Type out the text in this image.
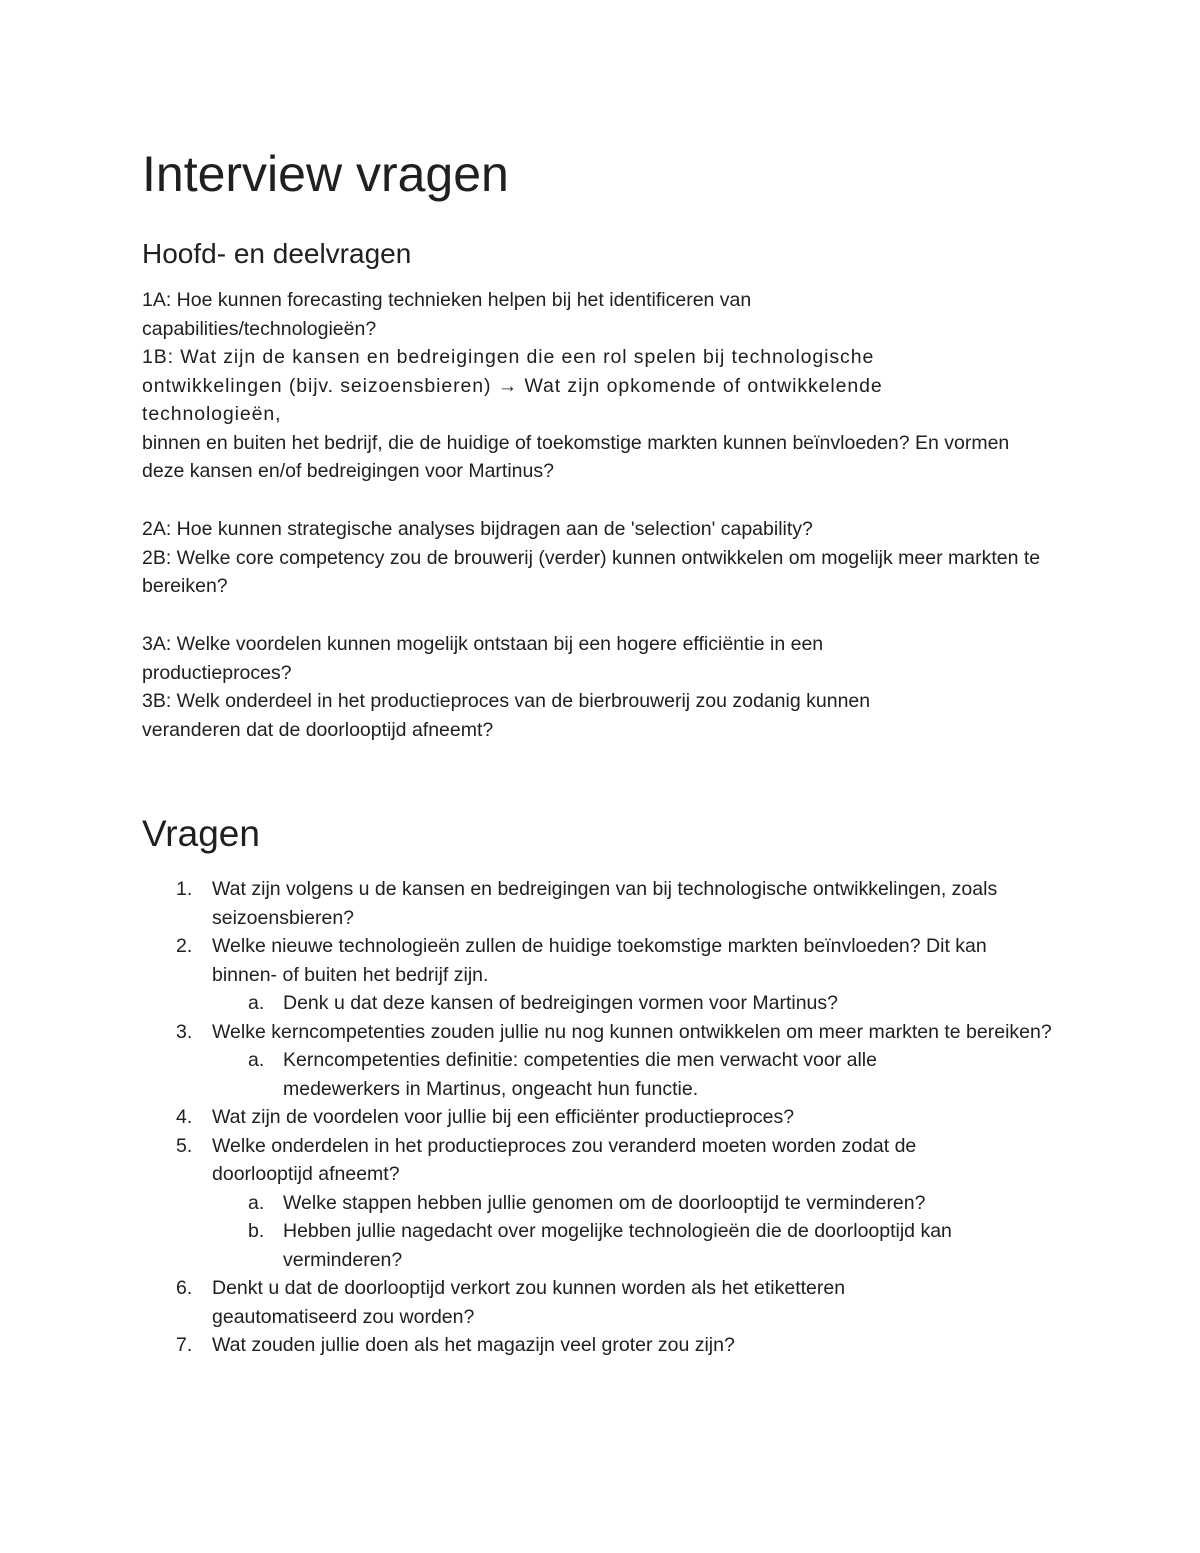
Interview vragen
Hoofd- en deelvragen

1A: Hoe kunnen forecasting technieken helpen bij het identificeren van capabilities/technologieën?

1B: Wat zijn de kansen en bedreigingen die een rol spelen bij technologische ontwikkelingen (bijv. seizoensbieren) → Wat zijn opkomende of ontwikkelende technologieën,

binnen en buiten het bedrijf, die de huidige of toekomstige markten kunnen beïnvloeden? En vormen deze kansen en/of bedreigingen voor Martinus?

2A: Hoe kunnen strategische analyses bijdragen aan de 'selection' capability?

2B: Welke core competency zou de brouwerij (verder) kunnen ontwikkelen om mogelijk meer markten te bereiken?

3A: Welke voordelen kunnen mogelijk ontstaan bij een hogere efficiëntie in een productieproces?

3B: Welk onderdeel in het productieproces van de bierbrouwerij zou zodanig kunnen veranderen dat de doorlooptijd afneemt?

Vragen
1. Wat zijn volgens u de kansen en bedreigingen van bij technologische ontwikkelingen, zoals seizoensbieren?
2. Welke nieuwe technologieën zullen de huidige toekomstige markten beïnvloeden? Dit kan binnen- of buiten het bedrijf zijn.
a. Denk u dat deze kansen of bedreigingen vormen voor Martinus?
3. Welke kerncompetenties zouden jullie nu nog kunnen ontwikkelen om meer markten te bereiken?
a. Kerncompetenties definitie: competenties die men verwacht voor alle medewerkers in Martinus, ongeacht hun functie.
4. Wat zijn de voordelen voor jullie bij een efficiënter productieproces?
5. Welke onderdelen in het productieproces zou veranderd moeten worden zodat de doorlooptijd afneemt?
a. Welke stappen hebben jullie genomen om de doorlooptijd te verminderen?
b. Hebben jullie nagedacht over mogelijke technologieën die de doorlooptijd kan verminderen?
6. Denkt u dat de doorlooptijd verkort zou kunnen worden als het etiketteren geautomatiseerd zou worden?
7. Wat zouden jullie doen als het magazijn veel groter zou zijn?
